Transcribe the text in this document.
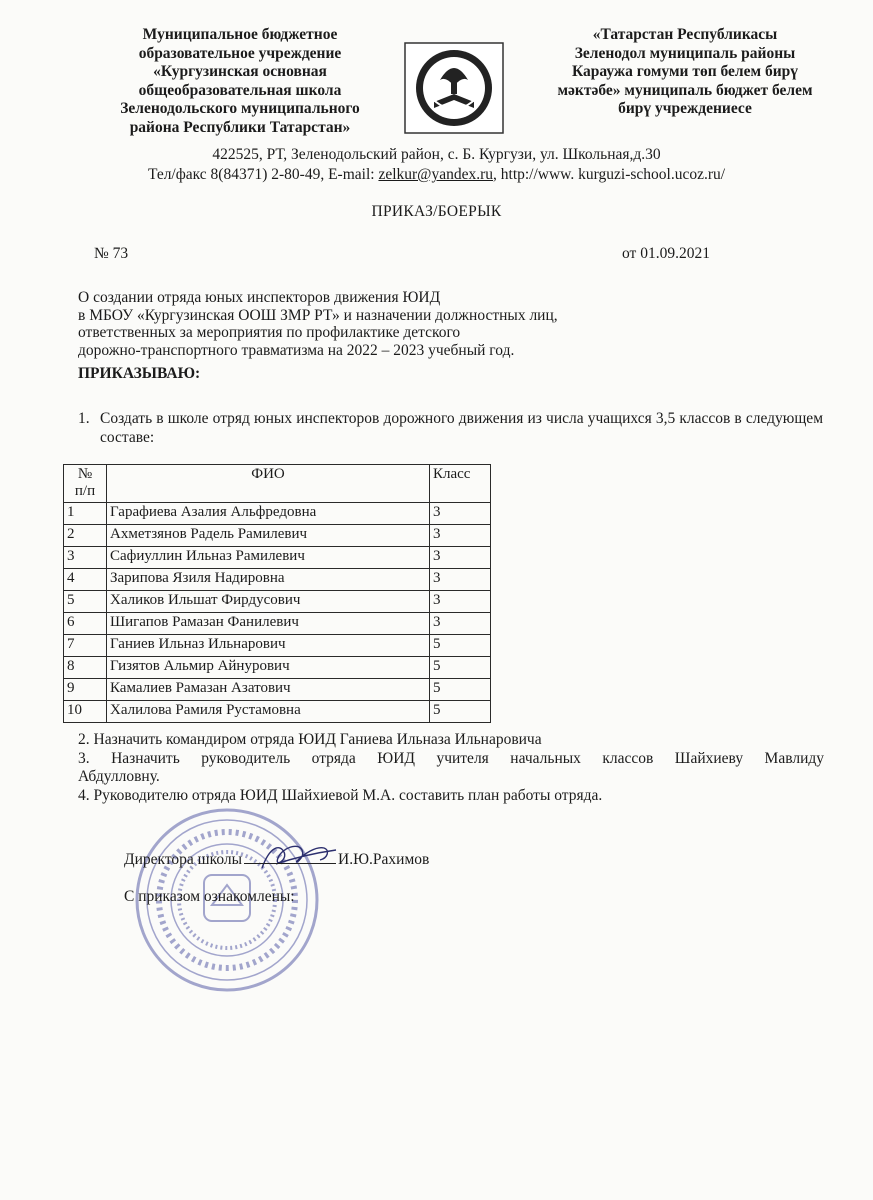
Муниципальное бюджетное
образовательное учреждение
«Кургузинская основная
общеобразовательная школа
Зеленодольского муниципального
района Республики Татарстан»
«Татарстан Республикасы
Зеленодол муниципаль районы
Караужа гомуми төп белем бирү
мәктәбе» муниципаль бюджет белем
бирү учреждениесе
422525, РТ, Зеленодольский район, с. Б. Кургузи, ул. Школьная,д.30
Тел/факс 8(84371) 2-80-49, E-mail: zelkur@yandex.ru, http://www. kurguzi-school.ucoz.ru/
ПРИКАЗ/БОЕРЫК
№ 73	от 01.09.2021
О создании отряда юных инспекторов движения ЮИД
в МБОУ «Кургузинская ООШ ЗМР РТ» и назначении должностных лиц,
ответственных за мероприятия по профилактике детского
дорожно-транспортного травматизма на 2022 – 2023 учебный год.
ПРИКАЗЫВАЮ:
1. Создать в школе отряд юных инспекторов дорожного движения из числа учащихся 3,5 классов в следующем составе:
№
п/п	ФИО	Класс
1	Гарафиева Азалия Альфредовна	3
2	Ахметзянов Радель Рамилевич	3
3	Сафиуллин Ильназ Рамилевич	3
4	Зарипова Язиля Надировна	3
5	Халиков Ильшат Фирдусович	3
6	Шигапов Рамазан Фанилевич	3
7	Ганиев Ильназ Ильнарович	5
8	Гизятов Альмир Айнурович	5
9	Камалиев Рамазан Азатович	5
10	Халилова Рамиля Рустамовна	5

2. Назначить командиром отряда ЮИД Ганиева Ильназа Ильнаровича

3. Назначить руководитель отряда ЮИД учителя начальных классов Шайхиеву Мавлиду

Абдулловну.

4. Руководителю отряда ЮИД Шайхиевой М.А. составить план работы отряда.

Директора школы	И.Ю.Рахимов
С приказом ознакомлены:
